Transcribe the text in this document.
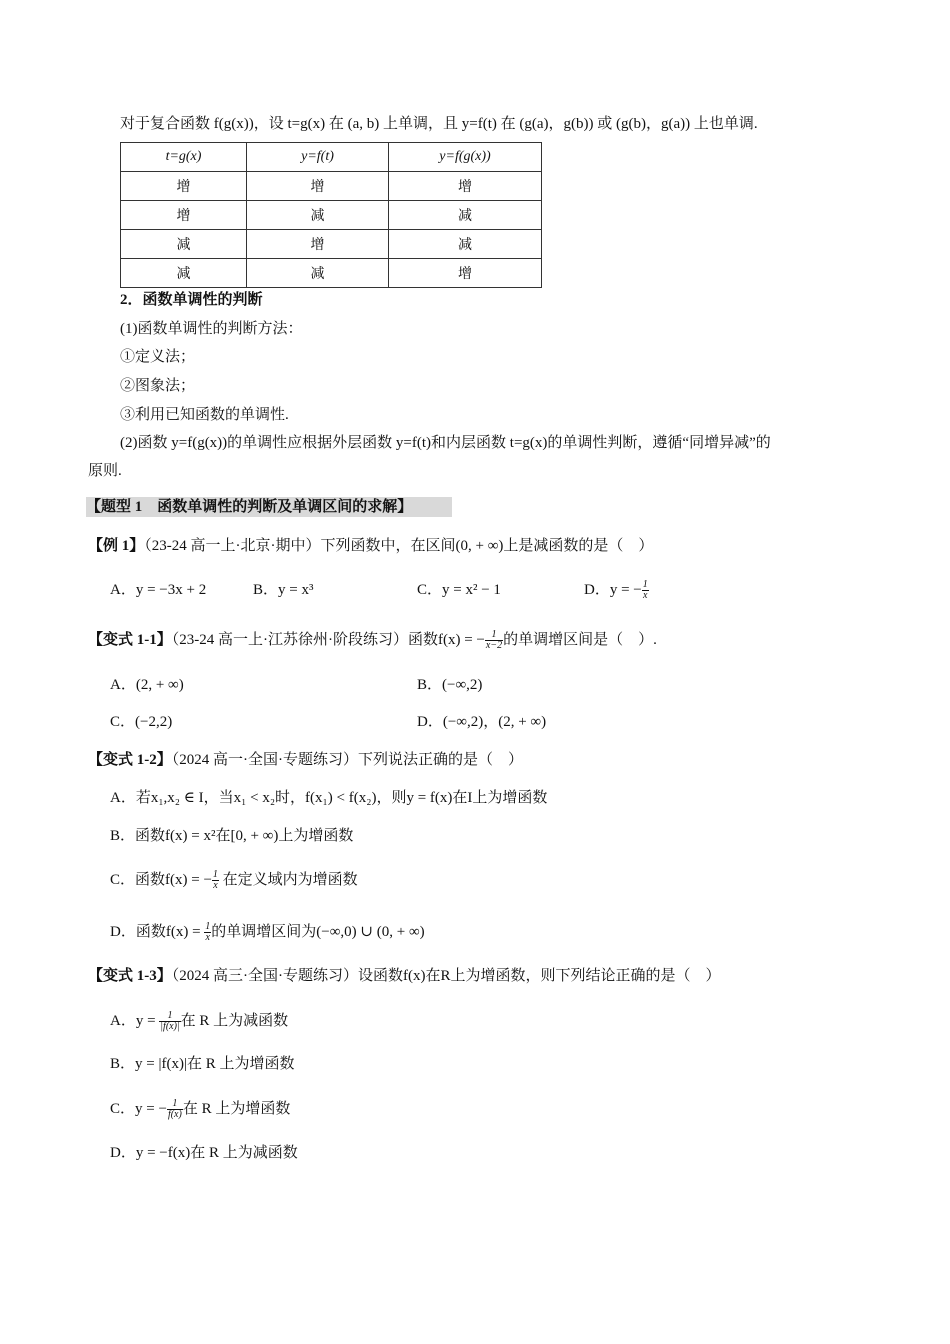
对于复合函数 f(g(x))，设 t=g(x) 在 (a, b) 上单调，且 y=f(t) 在 (g(a)，g(b)) 或 (g(b)，g(a)) 上也单调.
t=g(x)	y=f(t)	y=f(g(x))
增	增	增
增	减	减
减	增	减
减	减	增
2．函数单调性的判断
(1)函数单调性的判断方法：
①定义法；
②图象法；
③利用已知函数的单调性.
(2)函数 y=f(g(x))的单调性应根据外层函数 y=f(t)和内层函数 t=g(x)的单调性判断，遵循“同增异减”的
原则.
【题型 1　函数单调性的判断及单调区间的求解】
【例 1】（23-24 高一上·北京·期中）下列函数中，在区间(0, + ∞)上是减函数的是（　）
A．y = −3x + 2	B．y = x³	C．y = x² − 1	D．y = − $\frac{1}{x}$
【变式 1-1】（23-24 高一上·江苏徐州·阶段练习）函数f(x) = − $\frac{1}{x-2}$ 的单调增区间是（　）.
A．(2, + ∞)	B．(−∞,2)
C．(−2,2)	D．(−∞,2)，(2, + ∞)
【变式 1-2】（2024 高一·全国·专题练习）下列说法正确的是（　）
A．若x₁,x₂ ∈ I，当x₁ < x₂时，f(x₁) < f(x₂)，则y = f(x)在I上为增函数
B．函数f(x) = x²在[0, + ∞)上为增函数
C．函数f(x) = − $\frac{1}{x}$ 在定义域内为增函数
D．函数$f(x) = \frac{1}{x}$ 的单调增区间为(−∞,0) ∪ (0, + ∞)
【变式 1-3】（2024 高三·全国·专题练习）设函数f(x)在R上为增函数，则下列结论正确的是（　）
A．$y = \frac{1}{|f(x)|}$ 在 R 上为减函数
B．y = |f(x)|在 R 上为增函数
C．y = − $\frac{1}{f(x)}$ 在 R 上为增函数
D．y = −f(x)在 R 上为减函数
